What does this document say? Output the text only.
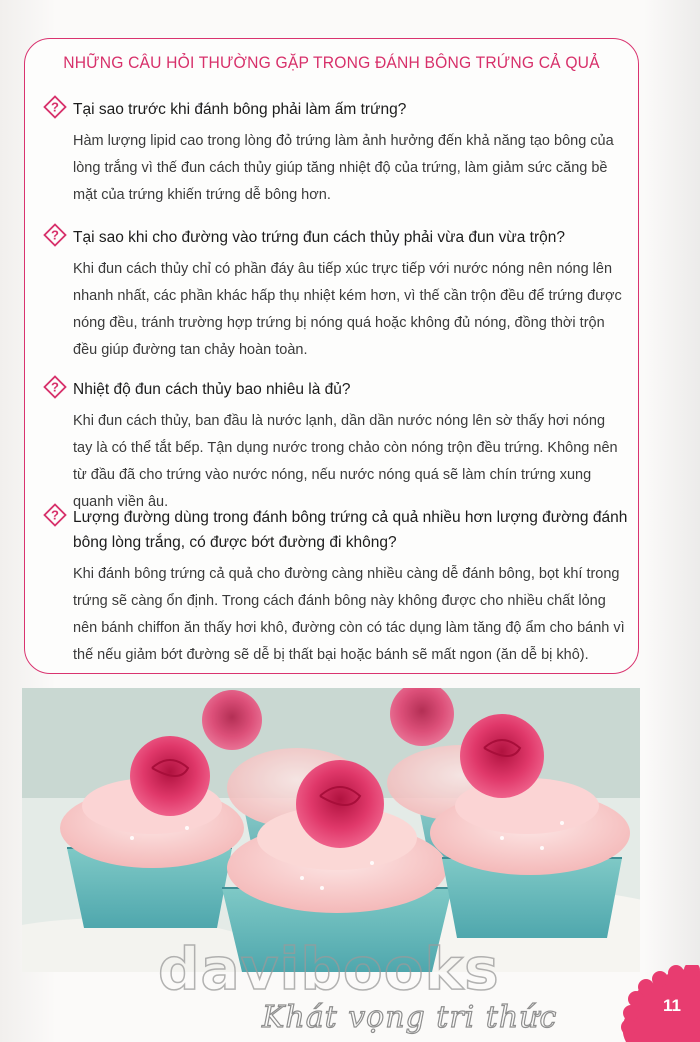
NHỮNG CÂU HỎI THƯỜNG GẶP TRONG ĐÁNH BÔNG TRỨNG CẢ QUẢ
? Tại sao trước khi đánh bông phải làm ấm trứng?
Hàm lượng lipid cao trong lòng đỏ trứng làm ảnh hưởng đến khả năng tạo bông của lòng trắng vì thế đun cách thủy giúp tăng nhiệt độ của trứng, làm giảm sức căng bề mặt của trứng khiến trứng dễ bông hơn.
? Tại sao khi cho đường vào trứng đun cách thủy phải vừa đun vừa trộn?
Khi đun cách thủy chỉ có phần đáy âu tiếp xúc trực tiếp với nước nóng nên nóng lên nhanh nhất, các phần khác hấp thụ nhiệt kém hơn, vì thế cần trộn đều để trứng được nóng đều, tránh trường hợp trứng bị nóng quá hoặc không đủ nóng, đồng thời trộn đều giúp đường tan chảy hoàn toàn.
? Nhiệt độ đun cách thủy bao nhiêu là đủ?
Khi đun cách thủy, ban đầu là nước lạnh, dần dần nước nóng lên sờ thấy hơi nóng tay là có thể tắt bếp. Tận dụng nước trong chảo còn nóng trộn đều trứng. Không nên từ đầu đã cho trứng vào nước nóng, nếu nước nóng quá sẽ làm chín trứng xung quanh viền âu.
? Lượng đường dùng trong đánh bông trứng cả quả nhiều hơn lượng đường đánh bông lòng trắng, có được bớt đường đi không?
Khi đánh bông trứng cả quả cho đường càng nhiều càng dễ đánh bông, bọt khí trong trứng sẽ càng ổn định. Trong cách đánh bông này không được cho nhiều chất lỏng nên bánh chiffon ăn thấy hơi khô, đường còn có tác dụng làm tăng độ ẩm cho bánh vì thế nếu giảm bớt đường sẽ dễ bị thất bại hoặc bánh sẽ mất ngon (ăn dễ bị khô).
davibooks
Khát vọng tri thức	11
